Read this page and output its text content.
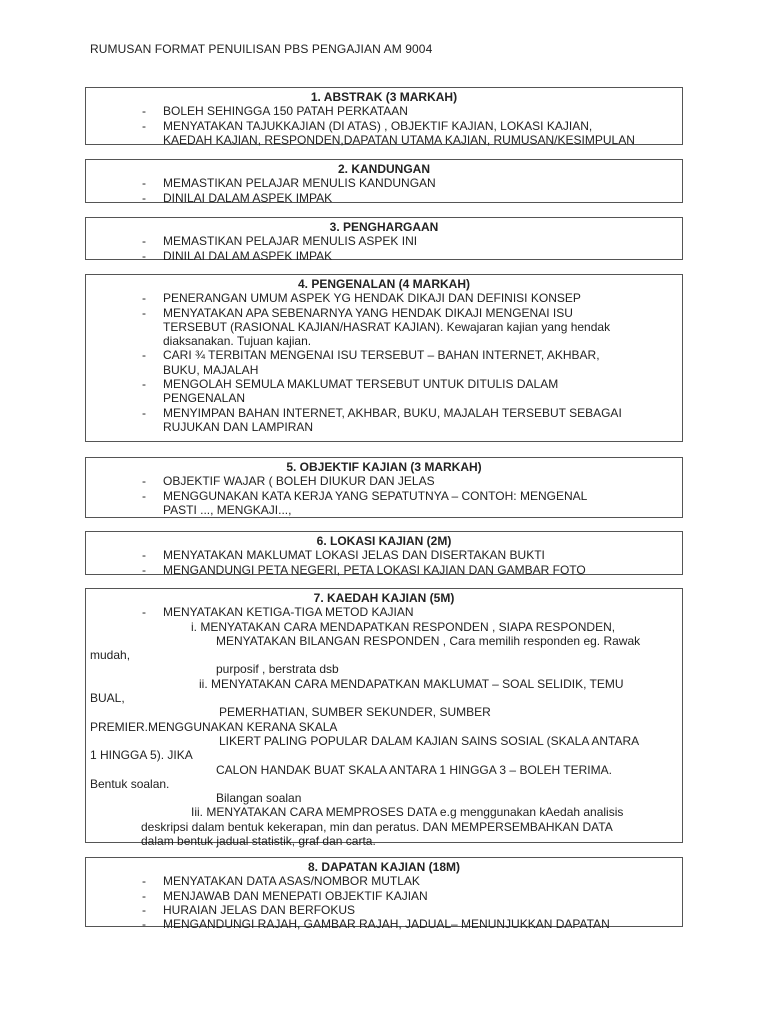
RUMUSAN FORMAT PENUILISAN PBS PENGAJIAN AM 9004
1. ABSTRAK (3 MARKAH)
- BOLEH SEHINGGA 150 PATAH PERKATAAN
- MENYATAKAN TAJUKKAJIAN (DI ATAS) , OBJEKTIF KAJIAN, LOKASI KAJIAN,
KAEDAH KAJIAN, RESPONDEN,DAPATAN UTAMA KAJIAN, RUMUSAN/KESIMPULAN
2. KANDUNGAN
- MEMASTIKAN PELAJAR MENULIS KANDUNGAN
- DINILAI DALAM ASPEK IMPAK
3. PENGHARGAAN
- MEMASTIKAN PELAJAR MENULIS ASPEK INI
- DINILAI DALAM ASPEK IMPAK
4. PENGENALAN (4 MARKAH)
- PENERANGAN UMUM ASPEK YG HENDAK DIKAJI DAN DEFINISI KONSEP
- MENYATAKAN APA SEBENARNYA YANG HENDAK DIKAJI MENGENAI ISU
TERSEBUT (RASIONAL KAJIAN/HASRAT KAJIAN). Kewajaran kajian yang hendak
diaksanakan. Tujuan kajian.
- CARI ¾ TERBITAN MENGENAI ISU TERSEBUT – BAHAN INTERNET, AKHBAR,
BUKU, MAJALAH
- MENGOLAH SEMULA MAKLUMAT TERSEBUT UNTUK DITULIS DALAM
PENGENALAN
- MENYIMPAN BAHAN INTERNET, AKHBAR, BUKU, MAJALAH TERSEBUT SEBAGAI
RUJUKAN DAN LAMPIRAN
5. OBJEKTIF KAJIAN (3 MARKAH)
- OBJEKTIF WAJAR ( BOLEH DIUKUR DAN JELAS
- MENGGUNAKAN KATA KERJA YANG SEPATUTNYA – CONTOH: MENGENAL
PASTI ..., MENGKAJI...,
6. LOKASI KAJIAN (2M)
- MENYATAKAN MAKLUMAT LOKASI JELAS DAN DISERTAKAN BUKTI
- MENGANDUNGI PETA NEGERI, PETA LOKASI KAJIAN DAN GAMBAR FOTO
7. KAEDAH KAJIAN (5M)
- MENYATAKAN KETIGA-TIGA METOD KAJIAN
i. MENYATAKAN CARA MENDAPATKAN RESPONDEN , SIAPA RESPONDEN,
MENYATAKAN BILANGAN RESPONDEN , Cara memilih responden eg. Rawak
mudah,
purposif , berstrata dsb
ii. MENYATAKAN CARA MENDAPATKAN MAKLUMAT – SOAL SELIDIK, TEMU
BUAL,
PEMERHATIAN, SUMBER SEKUNDER, SUMBER
PREMIER.MENGGUNAKAN KERANA SKALA
LIKERT PALING POPULAR DALAM KAJIAN SAINS SOSIAL (SKALA ANTARA
1 HINGGA 5). JIKA
CALON HANDAK BUAT SKALA ANTARA 1 HINGGA 3 – BOLEH TERIMA.
Bentuk soalan.
Bilangan soalan
Iii. MENYATAKAN CARA MEMPROSES DATA e.g menggunakan kAedah analisis
deskripsi dalam bentuk kekerapan, min dan peratus. DAN MEMPERSEMBAHKAN DATA
dalam bentuk jadual statistik, graf dan carta.
8. DAPATAN KAJIAN (18M)
- MENYATAKAN DATA ASAS/NOMBOR MUTLAK
- MENJAWAB DAN MENEPATI OBJEKTIF KAJIAN
- HURAIAN JELAS DAN BERFOKUS
- MENGANDUNGI RAJAH, GAMBAR RAJAH, JADUAL– MENUNJUKKAN DAPATAN
